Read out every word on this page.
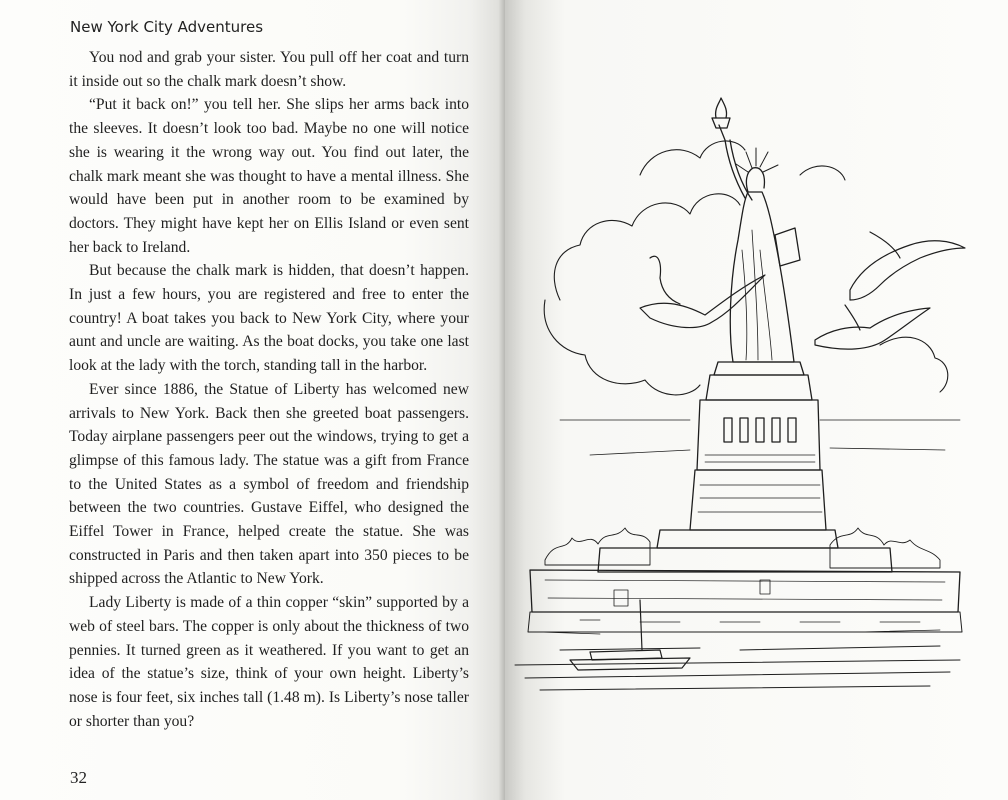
New York City Adventures

You nod and grab your sister. You pull off her coat and turn it inside out so the chalk mark doesn’t show.

“Put it back on!” you tell her. She slips her arms back into the sleeves. It doesn’t look too bad. Maybe no one will notice she is wearing it the wrong way out. You find out later, the chalk mark meant she was thought to have a mental illness. She would have been put in another room to be examined by doctors. They might have kept her on Ellis Island or even sent her back to Ireland.

But because the chalk mark is hidden, that doesn’t happen. In just a few hours, you are registered and free to enter the country! A boat takes you back to New York City, where your aunt and uncle are waiting. As the boat docks, you take one last look at the lady with the torch, standing tall in the harbor.

Ever since 1886, the Statue of Liberty has welcomed new arrivals to New York. Back then she greeted boat passengers. Today airplane passengers peer out the windows, trying to get a glimpse of this famous lady. The statue was a gift from France to the United States as a symbol of freedom and friendship between the two countries. Gustave Eiffel, who designed the Eiffel Tower in France, helped create the statue. She was constructed in Paris and then taken apart into 350 pieces to be shipped across the Atlantic to New York.

Lady Liberty is made of a thin copper “skin” supported by a web of steel bars. The copper is only about the thickness of two pennies. It turned green as it weathered. If you want to get an idea of the statue’s size, think of your own height. Liberty’s nose is four feet, six inches tall (1.48 m). Is Liberty’s nose taller or shorter than you?

32
